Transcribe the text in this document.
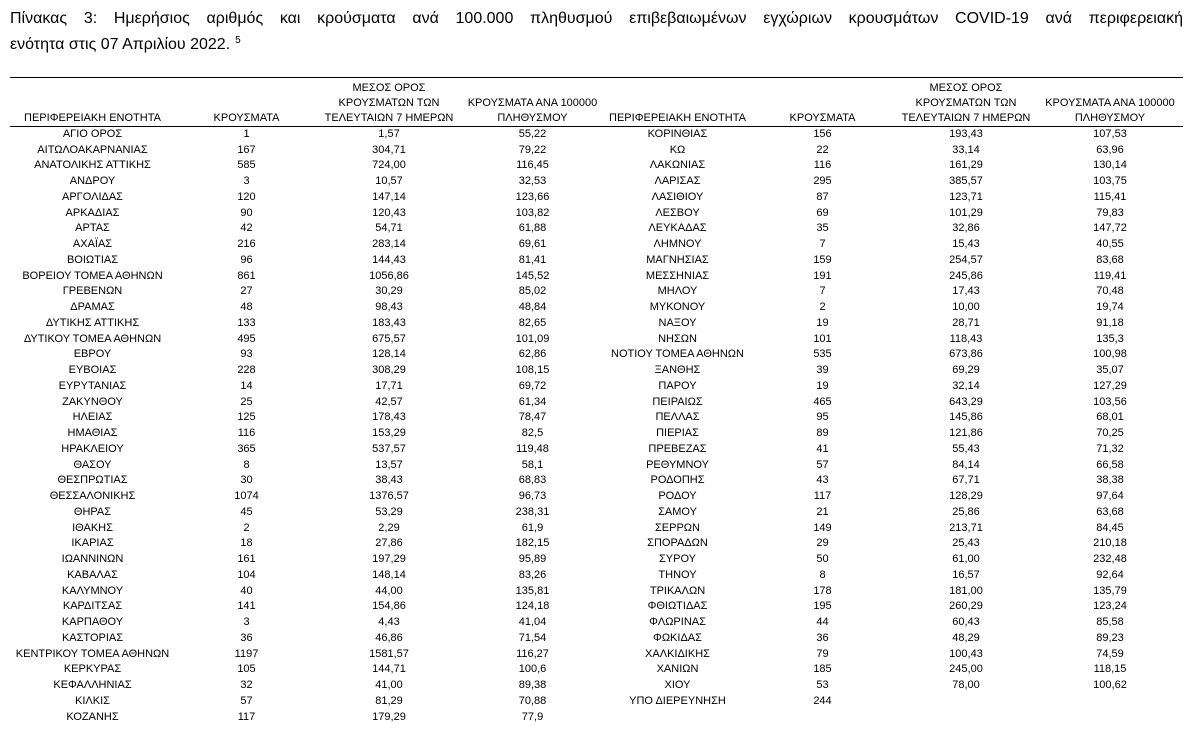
Πίνακας 3: Ημερήσιος αριθμός και κρούσματα ανά 100.000 πληθυσμού επιβεβαιωμένων εγχώριων κρουσμάτων COVID-19 ανά περιφερειακή
ενότητα στις 07 Απριλίου 2022. $^5$
ΠΕΡΙΦΕΡΕΙΑΚΗ ΕΝΟΤΗΤΑ	ΚΡΟΥΣΜΑΤΑ	ΜΕΣΟΣ ΟΡΟΣ ΚΡΟΥΣΜΑΤΩΝ ΤΩΝ ΤΕΛΕΥΤΑΙΩΝ 7 ΗΜΕΡΩΝ	ΚΡΟΥΣΜΑΤΑ ΑΝΑ 100000 ΠΛΗΘΥΣΜΟΥ	ΠΕΡΙΦΕΡΕΙΑΚΗ ΕΝΟΤΗΤΑ	ΚΡΟΥΣΜΑΤΑ	ΜΕΣΟΣ ΟΡΟΣ ΚΡΟΥΣΜΑΤΩΝ ΤΩΝ ΤΕΛΕΥΤΑΙΩΝ 7 ΗΜΕΡΩΝ	ΚΡΟΥΣΜΑΤΑ ΑΝΑ 100000 ΠΛΗΘΥΣΜΟΥ
ΑΓΙΟ ΟΡΟΣ	1	1,57	55,22	ΚΟΡΙΝΘΙΑΣ	156	193,43	107,53
ΑΙΤΩΛΟΑΚΑΡΝΑΝΙΑΣ	167	304,71	79,22	ΚΩ	22	33,14	63,96
ΑΝΑΤΟΛΙΚΗΣ ΑΤΤΙΚΗΣ	585	724,00	116,45	ΛΑΚΩΝΙΑΣ	116	161,29	130,14
ΑΝΔΡΟΥ	3	10,57	32,53	ΛΑΡΙΣΑΣ	295	385,57	103,75
ΑΡΓΟΛΙΔΑΣ	120	147,14	123,66	ΛΑΣΙΘΙΟΥ	87	123,71	115,41
ΑΡΚΑΔΙΑΣ	90	120,43	103,82	ΛΕΣΒΟΥ	69	101,29	79,83
ΑΡΤΑΣ	42	54,71	61,88	ΛΕΥΚΑΔΑΣ	35	32,86	147,72
ΑΧΑΪΑΣ	216	283,14	69,61	ΛΗΜΝΟΥ	7	15,43	40,55
ΒΟΙΩΤΙΑΣ	96	144,43	81,41	ΜΑΓΝΗΣΙΑΣ	159	254,57	83,68
ΒΟΡΕΙΟΥ ΤΟΜΕΑ ΑΘΗΝΩΝ	861	1056,86	145,52	ΜΕΣΣΗΝΙΑΣ	191	245,86	119,41
ΓΡΕΒΕΝΩΝ	27	30,29	85,02	ΜΗΛΟΥ	7	17,43	70,48
ΔΡΑΜΑΣ	48	98,43	48,84	ΜΥΚΟΝΟΥ	2	10,00	19,74
ΔΥΤΙΚΗΣ ΑΤΤΙΚΗΣ	133	183,43	82,65	ΝΑΞΟΥ	19	28,71	91,18
ΔΥΤΙΚΟΥ ΤΟΜΕΑ ΑΘΗΝΩΝ	495	675,57	101,09	ΝΗΣΩΝ	101	118,43	135,3
ΕΒΡΟΥ	93	128,14	62,86	ΝΟΤΙΟΥ ΤΟΜΕΑ ΑΘΗΝΩΝ	535	673,86	100,98
ΕΥΒΟΙΑΣ	228	308,29	108,15	ΞΑΝΘΗΣ	39	69,29	35,07
ΕΥΡΥΤΑΝΙΑΣ	14	17,71	69,72	ΠΑΡΟΥ	19	32,14	127,29
ΖΑΚΥΝΘΟΥ	25	42,57	61,34	ΠΕΙΡΑΙΩΣ	465	643,29	103,56
ΗΛΕΙΑΣ	125	178,43	78,47	ΠΕΛΛΑΣ	95	145,86	68,01
ΗΜΑΘΙΑΣ	116	153,29	82,5	ΠΙΕΡΙΑΣ	89	121,86	70,25
ΗΡΑΚΛΕΙΟΥ	365	537,57	119,48	ΠΡΕΒΕΖΑΣ	41	55,43	71,32
ΘΑΣΟΥ	8	13,57	58,1	ΡΕΘΥΜΝΟΥ	57	84,14	66,58
ΘΕΣΠΡΩΤΙΑΣ	30	38,43	68,83	ΡΟΔΟΠΗΣ	43	67,71	38,38
ΘΕΣΣΑΛΟΝΙΚΗΣ	1074	1376,57	96,73	ΡΟΔΟΥ	117	128,29	97,64
ΘΗΡΑΣ	45	53,29	238,31	ΣΑΜΟΥ	21	25,86	63,68
ΙΘΑΚΗΣ	2	2,29	61,9	ΣΕΡΡΩΝ	149	213,71	84,45
ΙΚΑΡΙΑΣ	18	27,86	182,15	ΣΠΟΡΑΔΩΝ	29	25,43	210,18
ΙΩΑΝΝΙΝΩΝ	161	197,29	95,89	ΣΥΡΟΥ	50	61,00	232,48
ΚΑΒΑΛΑΣ	104	148,14	83,26	ΤΗΝΟΥ	8	16,57	92,64
ΚΑΛΥΜΝΟΥ	40	44,00	135,81	ΤΡΙΚΑΛΩΝ	178	181,00	135,79
ΚΑΡΔΙΤΣΑΣ	141	154,86	124,18	ΦΘΙΩΤΙΔΑΣ	195	260,29	123,24
ΚΑΡΠΑΘΟΥ	3	4,43	41,04	ΦΛΩΡΙΝΑΣ	44	60,43	85,58
ΚΑΣΤΟΡΙΑΣ	36	46,86	71,54	ΦΩΚΙΔΑΣ	36	48,29	89,23
ΚΕΝΤΡΙΚΟΥ ΤΟΜΕΑ ΑΘΗΝΩΝ	1197	1581,57	116,27	ΧΑΛΚΙΔΙΚΗΣ	79	100,43	74,59
ΚΕΡΚΥΡΑΣ	105	144,71	100,6	ΧΑΝΙΩΝ	185	245,00	118,15
ΚΕΦΑΛΛΗΝΙΑΣ	32	41,00	89,38	ΧΙΟΥ	53	78,00	100,62
ΚΙΛΚΙΣ	57	81,29	70,88	ΥΠΟ ΔΙΕΡΕΥΝΗΣΗ	244		
ΚΟΖΑΝΗΣ	117	179,29	77,9				
